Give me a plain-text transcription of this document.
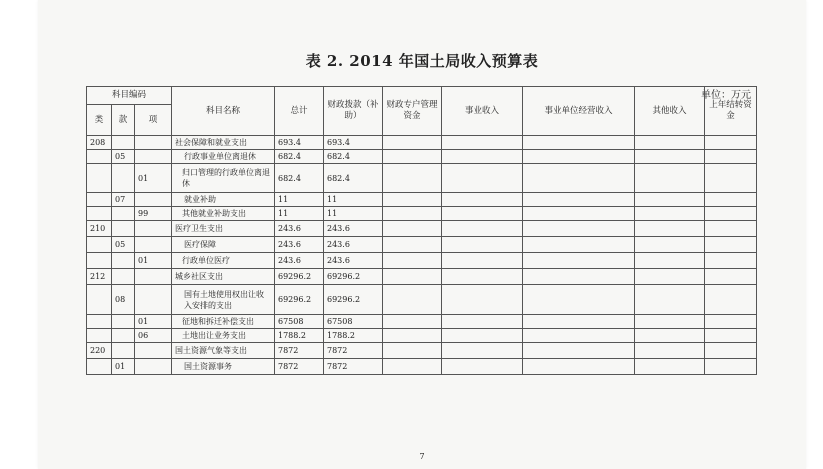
表 2. 2014 年国土局收入预算表
单位：万元
科目编码			科目名称	总计	财政拨款（补助）	财政专户管理资金	事业收入	事业单位经营收入	其他收入	上年结转资金
类	款	项								
208			社会保障和就业支出	693.4	693.4					
	05		行政事业单位离退休	682.4	682.4					
		01	归口管理的行政单位离退休	682.4	682.4					
	07		就业补助	11	11					
		99	其他就业补助支出	11	11					
210			医疗卫生支出	243.6	243.6					
	05		医疗保障	243.6	243.6					
		01	行政单位医疗	243.6	243.6					
212			城乡社区支出	69296.2	69296.2					
	08		国有土地使用权出让收入安排的支出	69296.2	69296.2					
		01	征地和拆迁补偿支出	67508	67508					
		06	土地出让业务支出	1788.2	1788.2					
220			国土资源气象等支出	7872	7872					
	01		国土资源事务	7872	7872					
7
